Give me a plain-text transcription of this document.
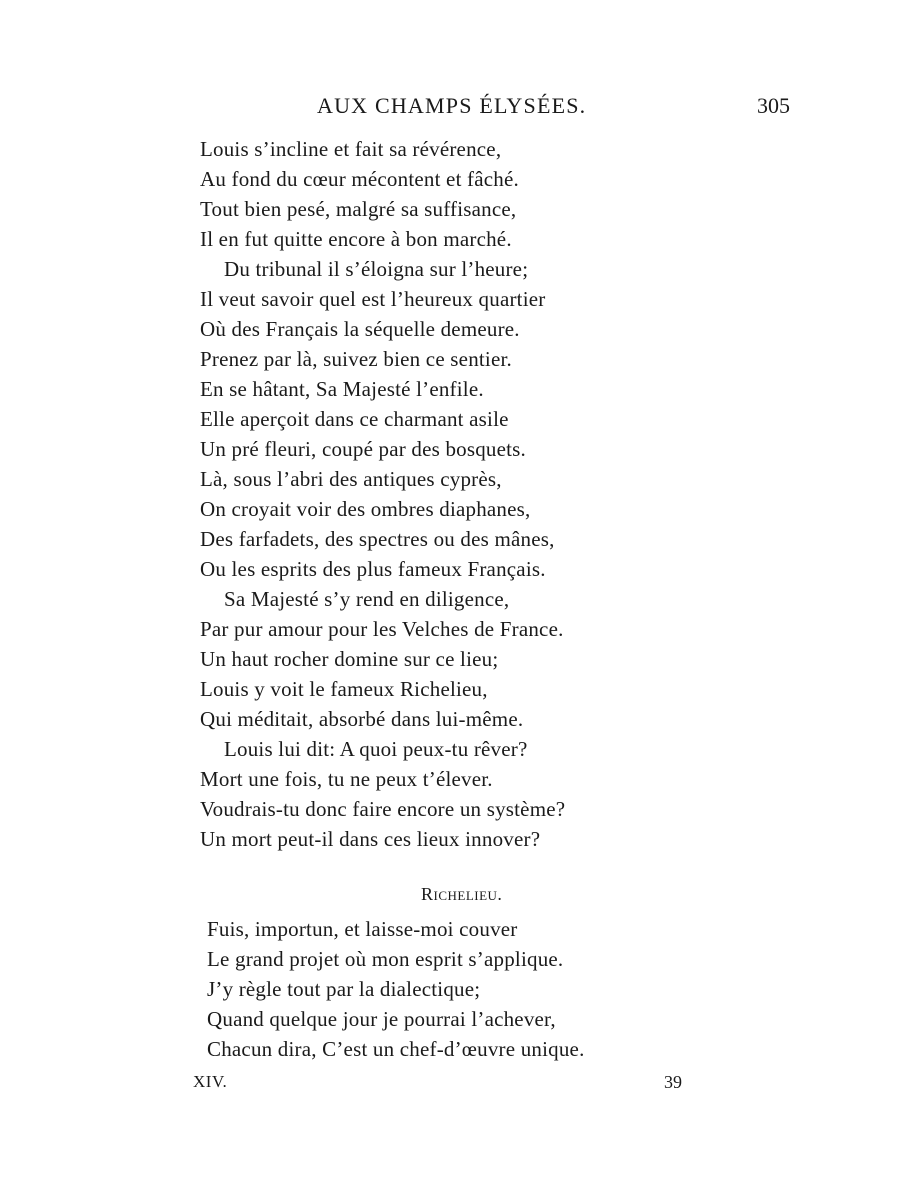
AUX CHAMPS ÉLYSÉES.	305
Louis s’incline et fait sa révérence,
Au fond du cœur mécontent et fâché.
Tout bien pesé, malgré sa suffisance,
Il en fut quitte encore à bon marché.
Du tribunal il s’éloigna sur l’heure;
Il veut savoir quel est l’heureux quartier
Où des Français la séquelle demeure.
Prenez par là, suivez bien ce sentier.
En se hâtant, Sa Majesté l’enfile.
Elle aperçoit dans ce charmant asile
Un pré fleuri, coupé par des bosquets.
Là, sous l’abri des antiques cyprès,
On croyait voir des ombres diaphanes,
Des farfadets, des spectres ou des mânes,
Ou les esprits des plus fameux Français.
Sa Majesté s’y rend en diligence,
Par pur amour pour les Velches de France.
Un haut rocher domine sur ce lieu;
Louis y voit le fameux Richelieu,
Qui méditait, absorbé dans lui-même.
Louis lui dit: A quoi peux-tu rêver?
Mort une fois, tu ne peux t’élever.
Voudrais-tu donc faire encore un système?
Un mort peut-il dans ces lieux innover?
Richelieu.
Fuis, importun, et laisse-moi couver
Le grand projet où mon esprit s’applique.
J’y règle tout par la dialectique;
Quand quelque jour je pourrai l’achever,
Chacun dira, C’est un chef-d’œuvre unique.
XIV.	39
